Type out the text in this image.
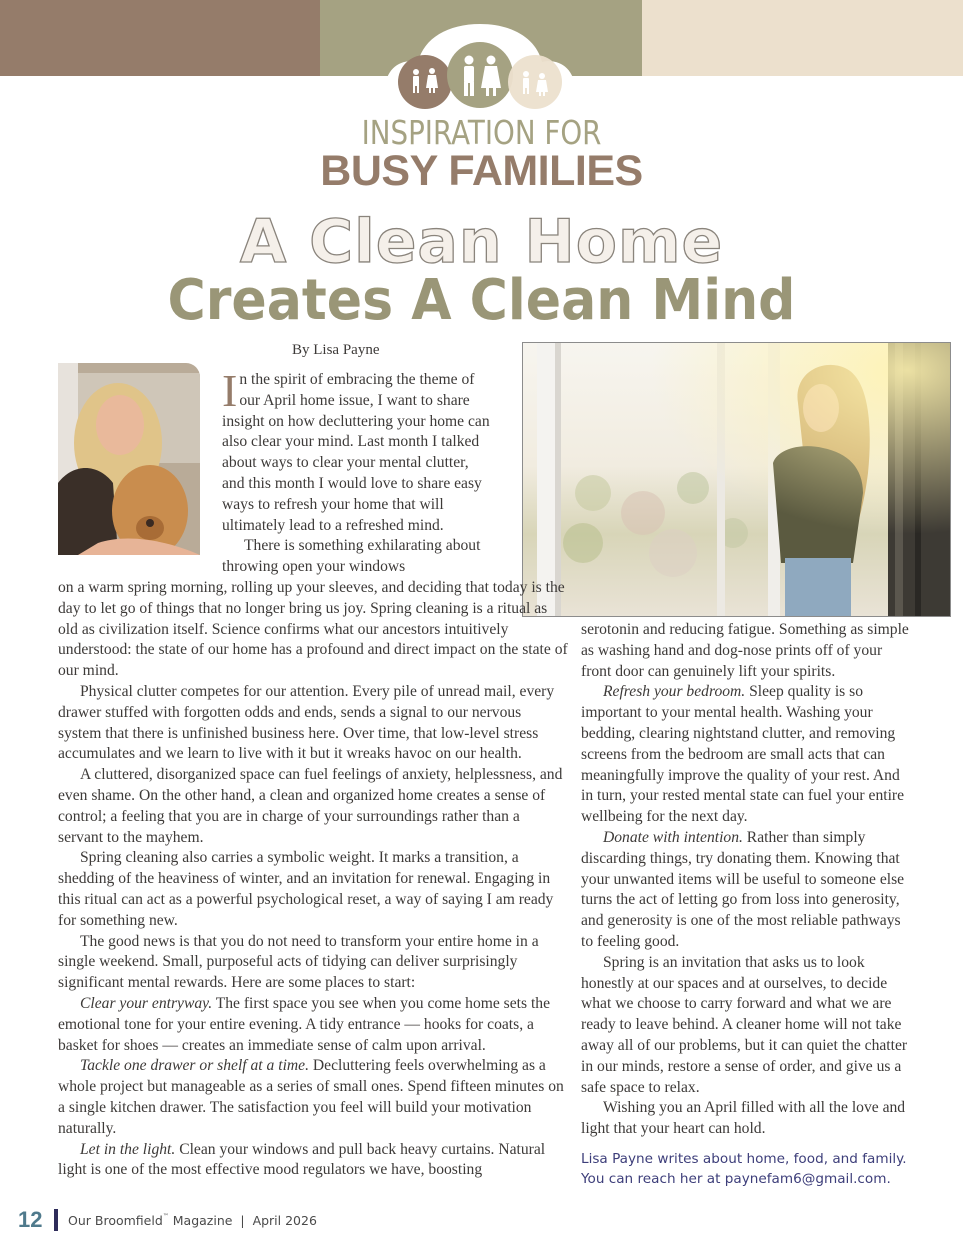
INSPIRATION FOR
BUSY FAMILIES
A Clean Home
Creates A Clean Mind
By Lisa Payne
In the spirit of embracing the theme of our April home issue, I want to share insight on how decluttering your home can also clear your mind. Last month I talked about ways to clear your mental clutter, and this month I would love to share easy ways to refresh your home that will ultimately lead to a refreshed mind.
There is something exhilarating about throwing open your windows

on a warm spring morning, rolling up your sleeves, and deciding that today is the day to let go of things that no longer bring us joy. Spring cleaning is a ritual as old as civilization itself. Science confirms what our ancestors intuitively understood: the state of our home has a profound and direct impact on the state of our mind.

Physical clutter competes for our attention. Every pile of unread mail, every drawer stuffed with forgotten odds and ends, sends a signal to our nervous system that there is unfinished business here. Over time, that low-level stress accumulates and we learn to live with it but it wreaks havoc on our health.

A cluttered, disorganized space can fuel feelings of anxiety, helplessness, and even shame. On the other hand, a clean and organized home creates a sense of control; a feeling that you are in charge of your surroundings rather than a servant to the mayhem.

Spring cleaning also carries a symbolic weight. It marks a transition, a shedding of the heaviness of winter, and an invitation for renewal. Engaging in this ritual can act as a powerful psychological reset, a way of saying I am ready for something new.

The good news is that you do not need to transform your entire home in a single weekend. Small, purposeful acts of tidying can deliver surprisingly significant mental rewards. Here are some places to start:

Clear your entryway. The first space you see when you come home sets the emotional tone for your entire evening. A tidy entrance — hooks for coats, a basket for shoes — creates an immediate sense of calm upon arrival.

Tackle one drawer or shelf at a time. Decluttering feels overwhelming as a whole project but manageable as a series of small ones. Spend fifteen minutes on a single kitchen drawer. The satisfaction you feel will build your motivation naturally.

Let in the light. Clean your windows and pull back heavy curtains. Natural light is one of the most effective mood regulators we have, boosting

serotonin and reducing fatigue. Something as simple as washing hand and dog-nose prints off of your front door can genuinely lift your spirits.

Refresh your bedroom. Sleep quality is so important to your mental health. Washing your bedding, clearing nightstand clutter, and removing screens from the bedroom are small acts that can meaningfully improve the quality of your rest. And in turn, your rested mental state can fuel your entire wellbeing for the next day.

Donate with intention. Rather than simply discarding things, try donating them. Knowing that your unwanted items will be useful to someone else turns the act of letting go from loss into generosity, and generosity is one of the most reliable pathways to feeling good.

Spring is an invitation that asks us to look honestly at our spaces and at ourselves, to decide what we choose to carry forward and what we are ready to leave behind. A cleaner home will not take away all of our problems, but it can quiet the chatter in our minds, restore a sense of order, and give us a safe space to relax.

Wishing you an April filled with all the love and light that your heart can hold.

Lisa Payne writes about home, food, and family.
You can reach her at paynefam6@gmail.com.
12	Our Broomfield™ Magazine | April 2026
